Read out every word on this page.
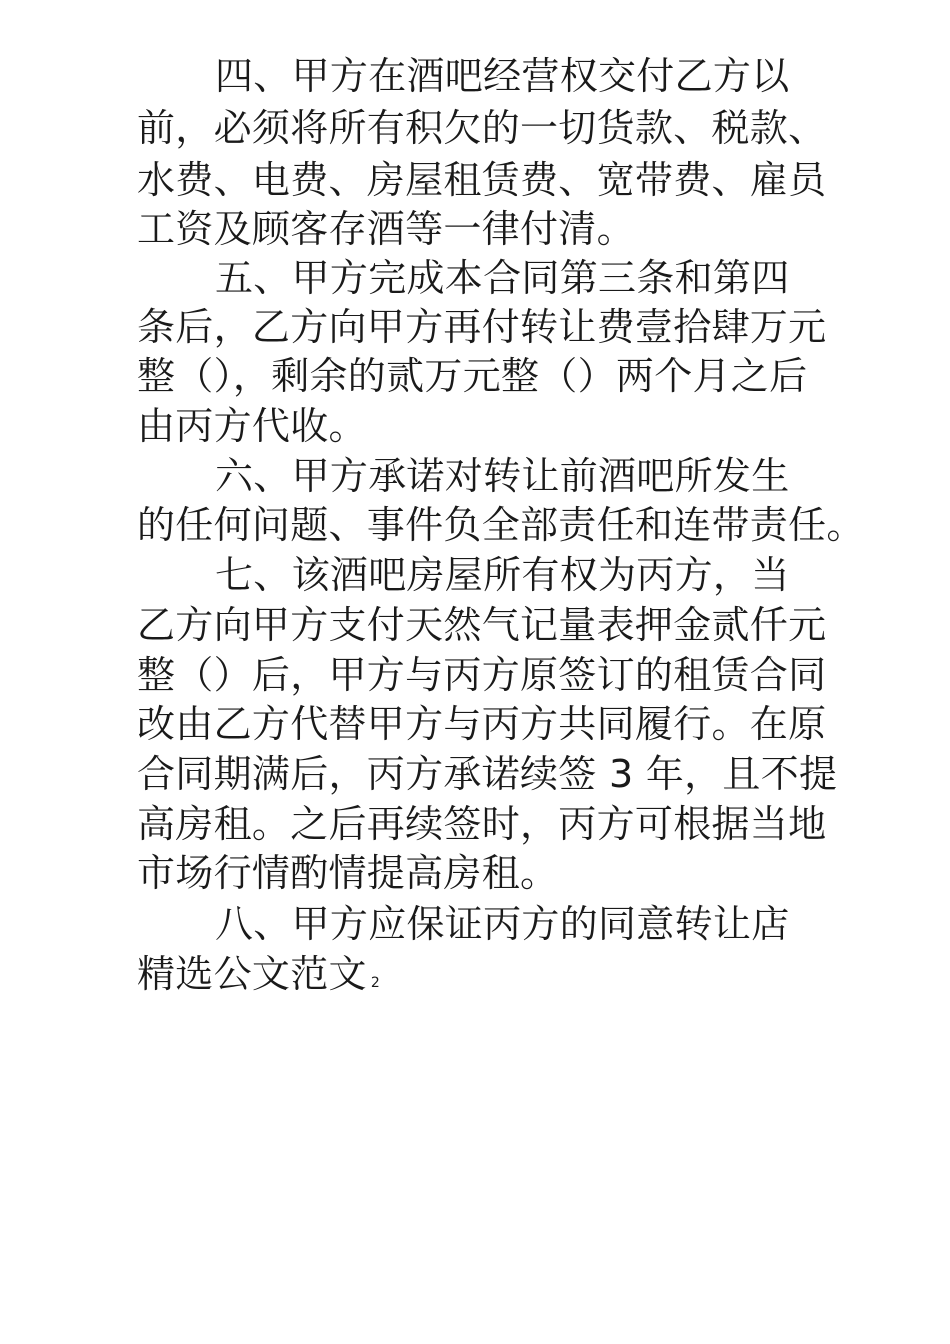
四、甲方在酒吧经营权交付乙方以
前，必须将所有积欠的一切货款、税款、
水费、电费、房屋租赁费、宽带费、雇员
工资及顾客存酒等一律付清。
五、甲方完成本合同第三条和第四
条后，乙方向甲方再付转让费壹拾肆万元
整（），剩余的贰万元整（）两个月之后
由丙方代收。
六、甲方承诺对转让前酒吧所发生
的任何问题、事件负全部责任和连带责任。
七、该酒吧房屋所有权为丙方，当
乙方向甲方支付天然气记量表押金贰仟元
整（）后，甲方与丙方原签订的租赁合同
改由乙方代替甲方与丙方共同履行。在原
合同期满后，丙方承诺续签 3 年，且不提
高房租。之后再续签时，丙方可根据当地
市场行情酌情提高房租。
八、甲方应保证丙方的同意转让店
精选公文范文 2
